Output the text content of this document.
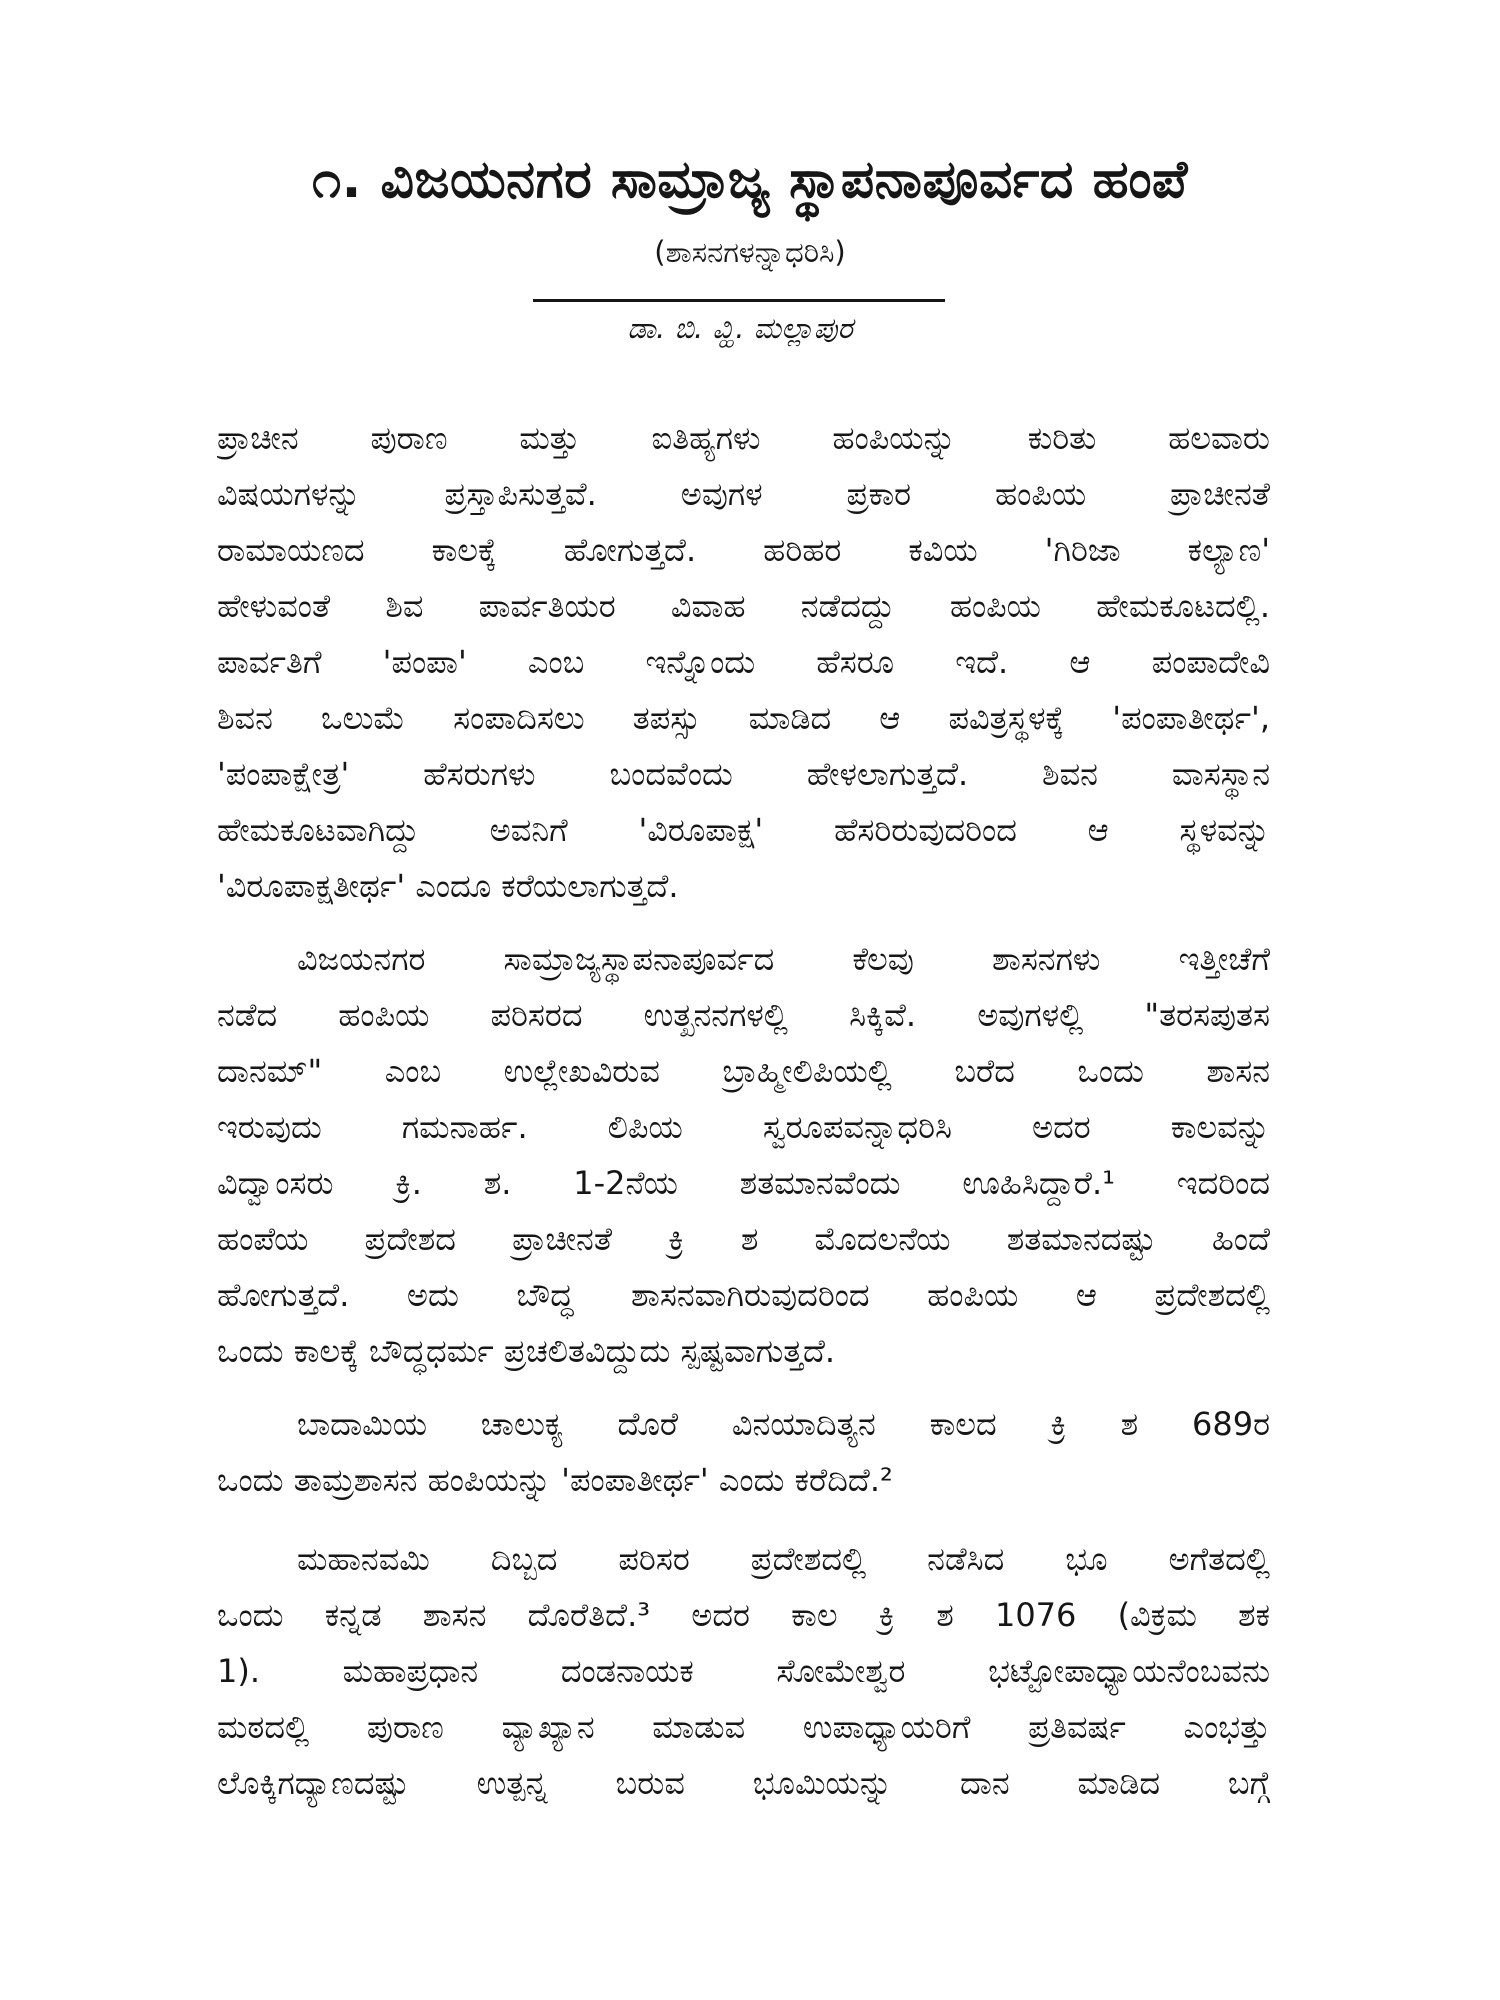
೧. ವಿಜಯನಗರ ಸಾಮ್ರಾಜ್ಯ ಸ್ಥಾಪನಾಪೂರ್ವದ ಹಂಪೆ
(ಶಾಸನಗಳನ್ನಾಧರಿಸಿ)
ಡಾ. ಬಿ. ವ್ಹಿ. ಮಲ್ಲಾಪುರ

ಪ್ರಾಚೀನ ಪುರಾಣ ಮತ್ತು ಐತಿಹ್ಯಗಳು ಹಂಪಿಯನ್ನು ಕುರಿತು ಹಲವಾರು
ವಿಷಯಗಳನ್ನು ಪ್ರಸ್ತಾಪಿಸುತ್ತವೆ. ಅವುಗಳ ಪ್ರಕಾರ ಹಂಪಿಯ ಪ್ರಾಚೀನತೆ
ರಾಮಾಯಣದ ಕಾಲಕ್ಕೆ ಹೋಗುತ್ತದೆ. ಹರಿಹರ ಕವಿಯ 'ಗಿರಿಜಾ ಕಲ್ಯಾಣ'
ಹೇಳುವಂತೆ ಶಿವ ಪಾರ್ವತಿಯರ ವಿವಾಹ ನಡೆದದ್ದು ಹಂಪಿಯ ಹೇಮಕೂಟದಲ್ಲಿ.
ಪಾರ್ವತಿಗೆ 'ಪಂಪಾ' ಎಂಬ ಇನ್ನೊಂದು ಹೆಸರೂ ಇದೆ. ಆ ಪಂಪಾದೇವಿ
ಶಿವನ ಒಲುಮೆ ಸಂಪಾದಿಸಲು ತಪಸ್ಸು ಮಾಡಿದ ಆ ಪವಿತ್ರಸ್ಥಳಕ್ಕೆ 'ಪಂಪಾತೀರ್ಥ',
'ಪಂಪಾಕ್ಷೇತ್ರ' ಹೆಸರುಗಳು ಬಂದವೆಂದು ಹೇಳಲಾಗುತ್ತದೆ. ಶಿವನ ವಾಸಸ್ಥಾನ
ಹೇಮಕೂಟವಾಗಿದ್ದು ಅವನಿಗೆ 'ವಿರೂಪಾಕ್ಷ' ಹೆಸರಿರುವುದರಿಂದ ಆ ಸ್ಥಳವನ್ನು
'ವಿರೂಪಾಕ್ಷತೀರ್ಥ' ಎಂದೂ ಕರೆಯಲಾಗುತ್ತದೆ.

ವಿಜಯನಗರ ಸಾಮ್ರಾಜ್ಯಸ್ಥಾಪನಾಪೂರ್ವದ ಕೆಲವು ಶಾಸನಗಳು ಇತ್ತೀಚೆಗೆ
ನಡೆದ ಹಂಪಿಯ ಪರಿಸರದ ಉತ್ಖನನಗಳಲ್ಲಿ ಸಿಕ್ಕಿವೆ. ಅವುಗಳಲ್ಲಿ "ತರಸಪುತಸ
ದಾನಮ್" ಎಂಬ ಉಲ್ಲೇಖವಿರುವ ಬ್ರಾಹ್ಮೀಲಿಪಿಯಲ್ಲಿ ಬರೆದ ಒಂದು ಶಾಸನ
ಇರುವುದು ಗಮನಾರ್ಹ. ಲಿಪಿಯ ಸ್ವರೂಪವನ್ನಾಧರಿಸಿ ಅದರ ಕಾಲವನ್ನು
ವಿದ್ವಾಂಸರು ಕ್ರಿ. ಶ. 1-2ನೆಯ ಶತಮಾನವೆಂದು ಊಹಿಸಿದ್ದಾರೆ.¹ ಇದರಿಂದ
ಹಂಪೆಯ ಪ್ರದೇಶದ ಪ್ರಾಚೀನತೆ ಕ್ರಿ ಶ ಮೊದಲನೆಯ ಶತಮಾನದಷ್ಟು ಹಿಂದೆ
ಹೋಗುತ್ತದೆ. ಅದು ಬೌದ್ಧ ಶಾಸನವಾಗಿರುವುದರಿಂದ ಹಂಪಿಯ ಆ ಪ್ರದೇಶದಲ್ಲಿ
ಒಂದು ಕಾಲಕ್ಕೆ ಬೌದ್ಧಧರ್ಮ ಪ್ರಚಲಿತವಿದ್ದುದು ಸ್ಪಷ್ಟವಾಗುತ್ತದೆ.

ಬಾದಾಮಿಯ ಚಾಲುಕ್ಯ ದೊರೆ ವಿನಯಾದಿತ್ಯನ ಕಾಲದ ಕ್ರಿ ಶ 689ರ
ಒಂದು ತಾಮ್ರಶಾಸನ ಹಂಪಿಯನ್ನು 'ಪಂಪಾತೀರ್ಥ' ಎಂದು ಕರೆದಿದೆ.²

ಮಹಾನವಮಿ ದಿಬ್ಬದ ಪರಿಸರ ಪ್ರದೇಶದಲ್ಲಿ ನಡೆಸಿದ ಭೂ ಅಗೆತದಲ್ಲಿ
ಒಂದು ಕನ್ನಡ ಶಾಸನ ದೊರೆತಿದೆ.³ ಅದರ ಕಾಲ ಕ್ರಿ ಶ 1076 (ವಿಕ್ರಮ ಶಕ
1). ಮಹಾಪ್ರಧಾನ ದಂಡನಾಯಕ ಸೋಮೇಶ್ವರ ಭಟ್ಟೋಪಾಧ್ಯಾಯನೆಂಬವನು
ಮಠದಲ್ಲಿ ಪುರಾಣ ವ್ಯಾಖ್ಯಾನ ಮಾಡುವ ಉಪಾಧ್ಯಾಯರಿಗೆ ಪ್ರತಿವರ್ಷ ಎಂಭತ್ತು
ಲೊಕ್ಕಿಗದ್ಯಾಣದಷ್ಟು ಉತ್ಪನ್ನ ಬರುವ ಭೂಮಿಯನ್ನು ದಾನ ಮಾಡಿದ ಬಗ್ಗೆ
